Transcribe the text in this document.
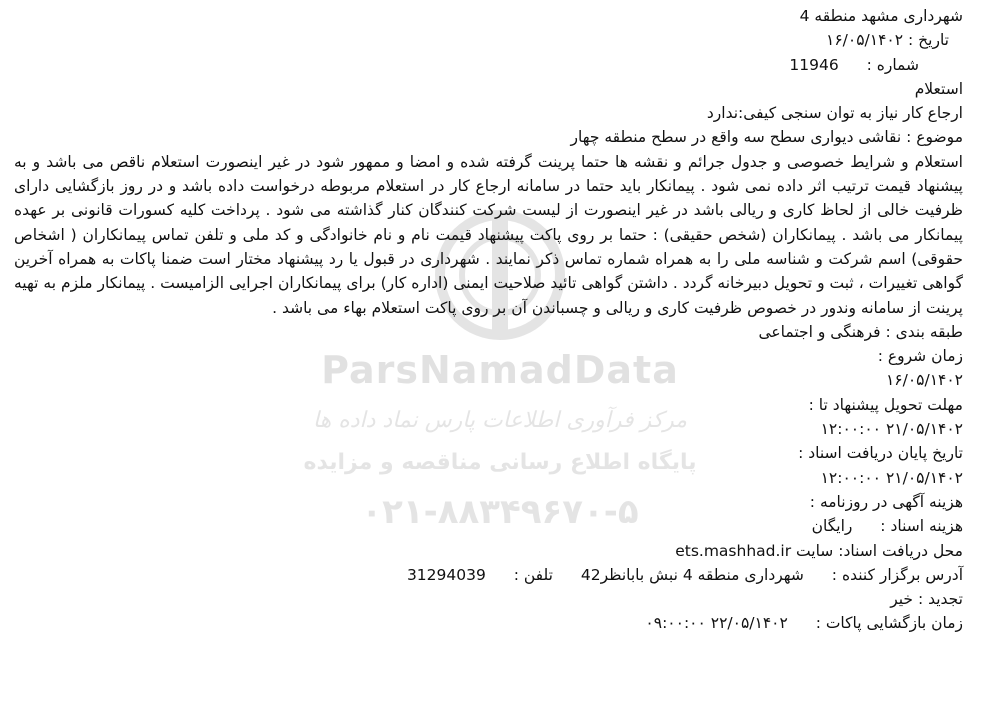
ParsNamadData
مرکز فرآوری اطلاعات پارس نماد داده ها
پایگاه اطلاع رسانی مناقصه و مزایده
۰۲۱-۸۸۳۴۹۶۷۰-۵
شهرداری مشهد منطقه 4
تاریخ : ۱۶/۰۵/۱۴۰۲
شماره :  11946
استعلام
ارجاع کار نیاز به توان سنجی کیفی:ندارد
موضوع : نقاشی دیواری سطح سه واقع در سطح منطقه چهار
استعلام و شرایط خصوصی و جدول جرائم و نقشه ها حتما پرینت گرفته شده و امضا و ممهور شود در غیر اینصورت استعلام ناقص می باشد و به پیشنهاد قیمت ترتیب اثر داده نمی شود . پیمانکار باید حتما در سامانه ارجاع کار در استعلام مربوطه درخواست داده باشد و در روز بازگشایی دارای ظرفیت خالی از لحاظ کاری و ریالی باشد در غیر اینصورت از لیست شرکت کنندگان کنار گذاشته می شود . پرداخت کلیه کسورات قانونی بر عهده پیمانکار می باشد . پیمانکاران (شخص حقیقی) : حتما بر روی پاکت پیشنهاد قیمت نام و نام خانوادگی و کد ملی و تلفن تماس پیمانکاران ( اشخاص حقوقی) اسم شرکت و شناسه ملی را به همراه شماره تماس ذکر نمایند . شهرداری در قبول یا رد پیشنهاد مختار است ضمنا پاکات به همراه آخرین گواهی تغییرات ، ثبت و تحویل دبیرخانه گردد . داشتن گواهی تائید صلاحیت ایمنی (اداره کار) برای پیمانکاران اجرایی الزامیست . پیمانکار ملزم به تهیه پرینت از سامانه وندور در خصوص ظرفیت کاری و ریالی و چسباندن آن بر روی پاکت استعلام بهاء می باشد .
طبقه بندی : فرهنگی و اجتماعی
زمان شروع :
۱۶/۰۵/۱۴۰۲
مهلت تحویل پیشنهاد تا :
۲۱/۰۵/۱۴۰۲ ۱۲:۰۰:۰۰
تاریخ پایان دریافت اسناد :
۲۱/۰۵/۱۴۰۲ ۱۲:۰۰:۰۰
هزینه آگهی در روزنامه :
هزینه اسناد :  رایگان
محل دریافت اسناد: سایت ets.mashhad.ir
آدرس برگزار کننده :  شهرداری منطقه 4 نبش بابانظر42  تلفن :  31294039
تجدید : خیر
زمان بازگشایی پاکات :  ۲۲/۰۵/۱۴۰۲ ۰۹:۰۰:۰۰
